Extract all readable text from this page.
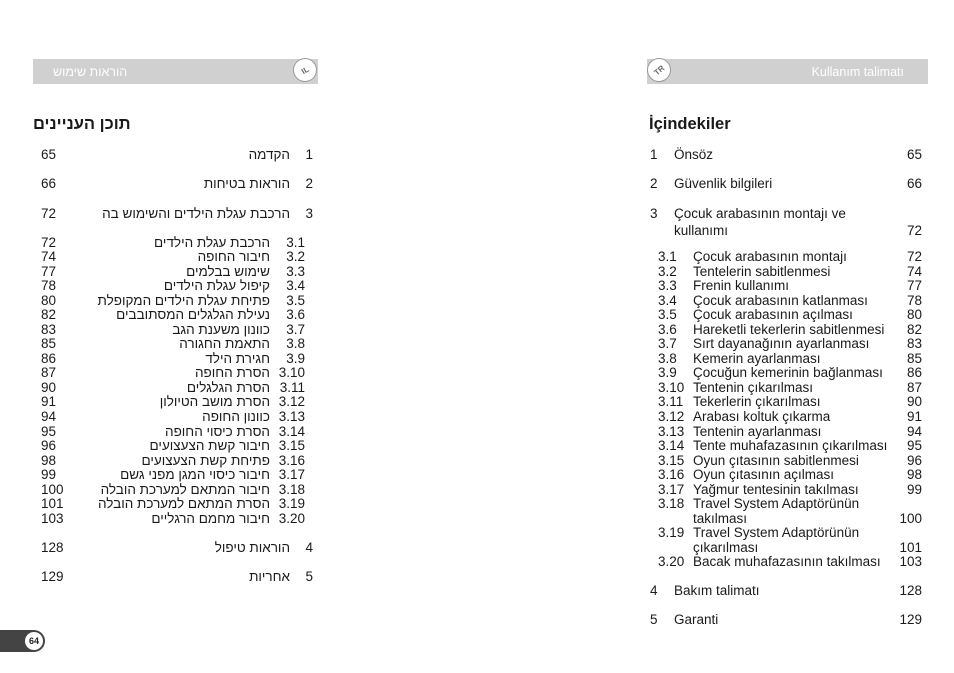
הוראות שימוש	IL	TR	Kullanım talimatı
תוכן העניינים	İçindekiler
65	הקדמה 1
66	הוראות בטיחות 2
72	הרכבת עגלת הילדים והשימוש בה 3
72	הרכבת עגלת הילדים 3.1
74	חיבור החופה 3.2
77	שימוש בבלמים 3.3
78	קיפול עגלת הילדים 3.4
80	פתיחת עגלת הילדים המקופלת 3.5
82	נעילת הגלגלים המסתובבים 3.6
83	כוונון משענת הגב 3.7
85	התאמת החגורה 3.8
86	חגירת הילד 3.9
87	הסרת החופה 3.10
90	הסרת הגלגלים 3.11
91	הסרת מושב הטיולון 3.12
94	כוונון החופה 3.13
95	הסרת כיסוי החופה 3.14
96	חיבור קשת הצעצועים 3.15
98	פתיחת קשת הצעצועים 3.16
99	חיבור כיסוי המגן מפני גשם 3.17
100	חיבור המתאם למערכת הובלה 3.18
101	הסרת המתאם למערכת הובלה 3.19
103	חיבור מחמם הרגליים 3.20
128	הוראות טיפול 4
129	אחריות 5
1 Önsöz	65
2 Güvenlik bilgileri	66
3 Çocuk arabasının montajı ve
kullanımı	72
3.1 Çocuk arabasının montajı	72
3.2 Tentelerin sabitlenmesi	74
3.3 Frenin kullanımı	77
3.4 Çocuk arabasının katlanması	78
3.5 Çocuk arabasının açılması	80
3.6 Hareketli tekerlerin sabitlenmesi 82
3.7 Sırt dayanağının ayarlanması	83
3.8 Kemerin ayarlanması	85
3.9 Çocuğun kemerinin bağlanması 86
3.10 Tentenin çıkarılması	87
3.11 Tekerlerin çıkarılması	90
3.12 Arabası koltuk çıkarma	91
3.13 Tentenin ayarlanması	94
3.14 Tente muhafazasının çıkarılması 95
3.15 Oyun çıtasının sabitlenmesi	96
3.16 Oyun çıtasının açılması	98
3.17 Yağmur tentesinin takılması	99
3.18 Travel System Adaptörünün
takılması	100
3.19 Travel System Adaptörünün
çıkarılması	101
3.20 Bacak muhafazasının takılması 103
4 Bakım talimatı	128
5 Garanti	129
64
